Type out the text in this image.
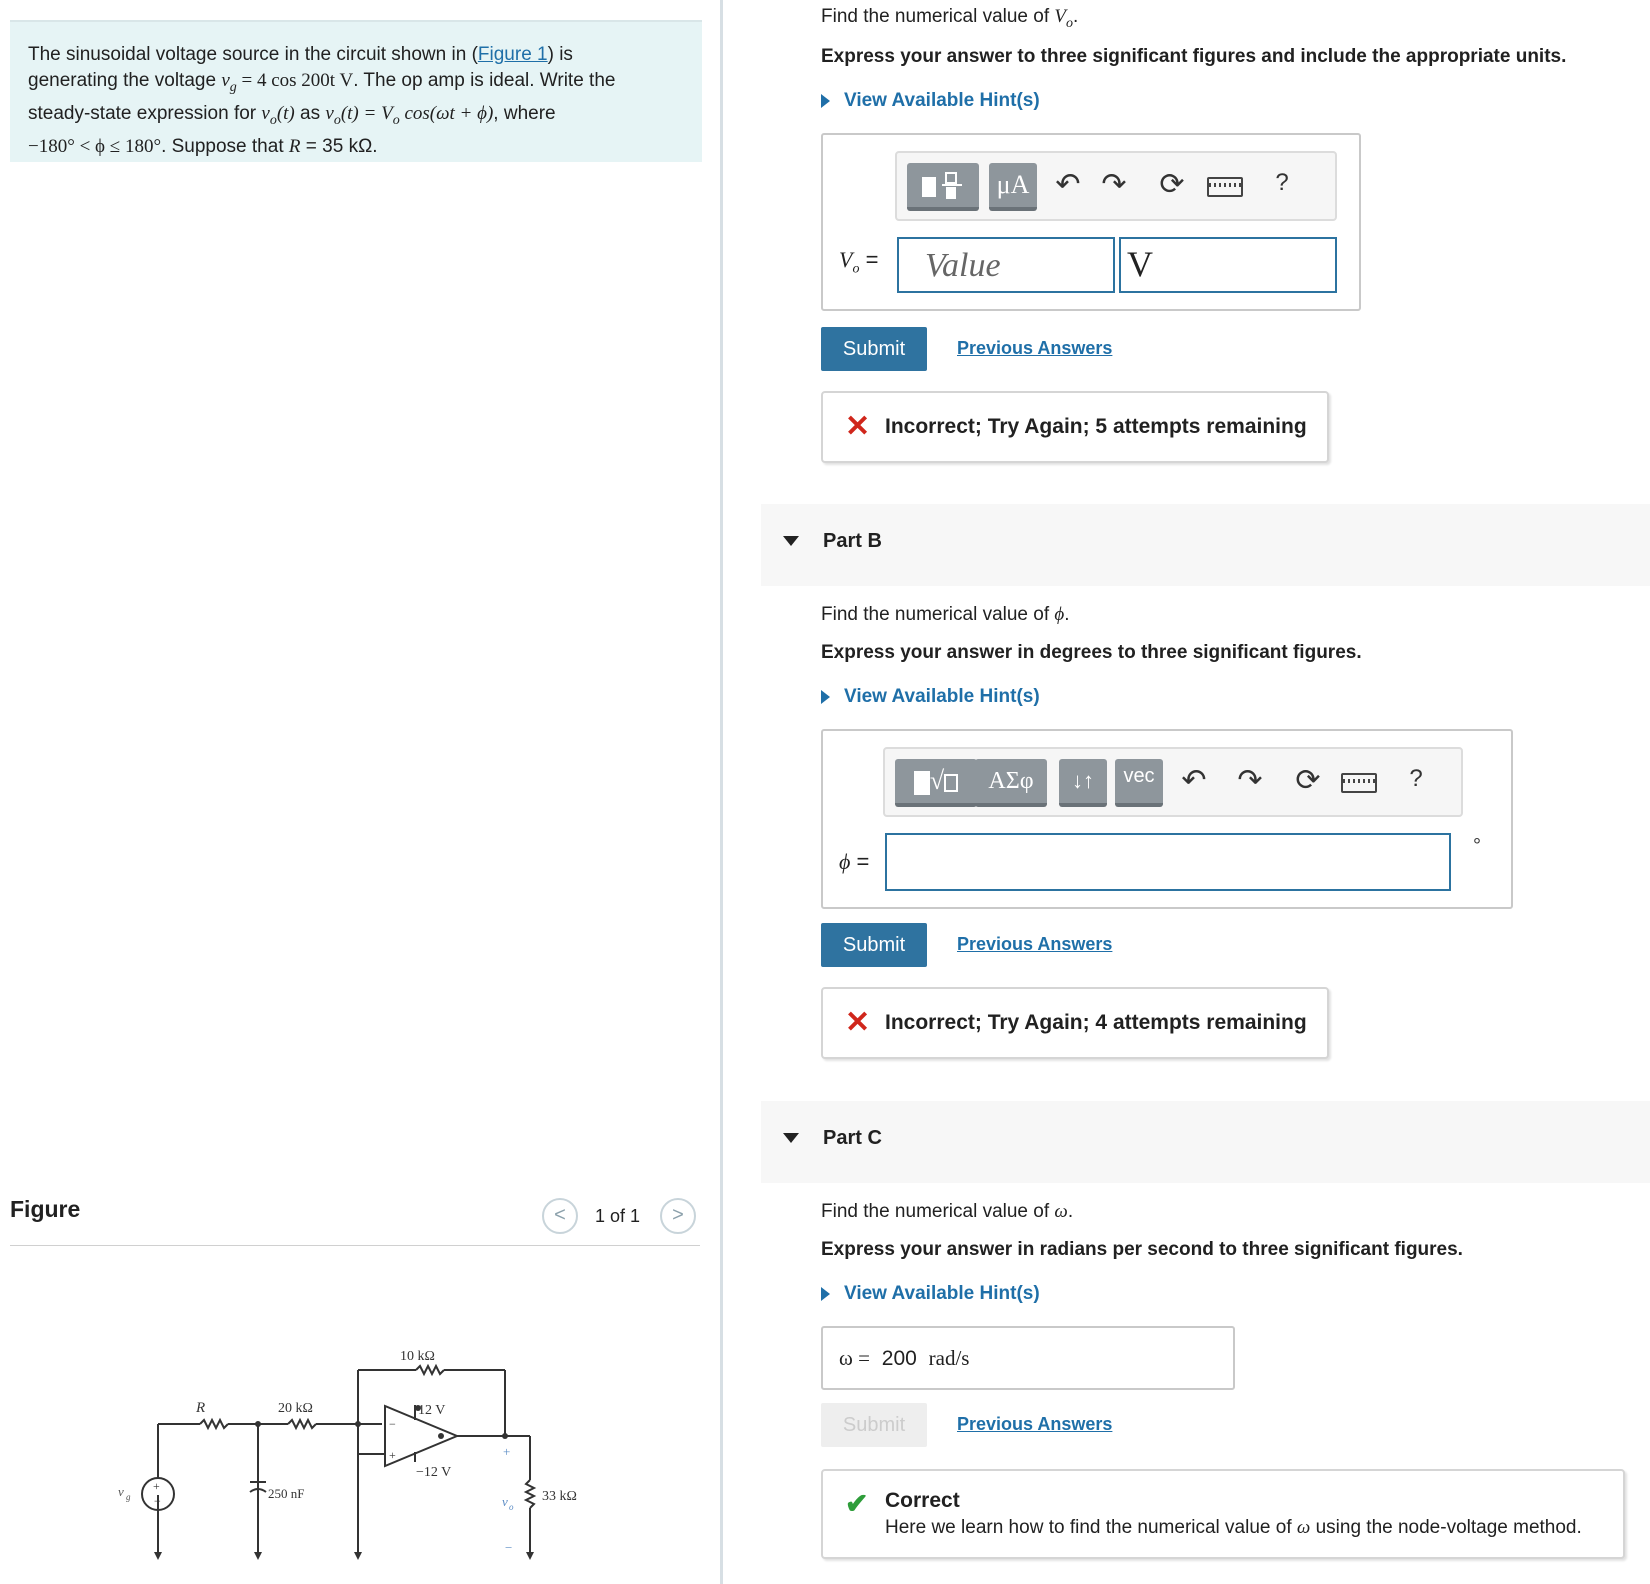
The sinusoidal voltage source in the circuit shown in (Figure 1) is
generating the voltage $v_g = 4$ cos 200t V. The op amp is ideal. Write the
steady-state expression for $v_o(t)$ as $v_o(t) = V_o$ cos(ωt + ϕ), where
−180° < ϕ ≤ 180°. Suppose that R = 35 kΩ.
Figure	<	1 of 1	>
10 kΩ
20 kΩ
R	12 V
−12 V
250 nF	33 kΩ
v g	v o
+
−
+
−
−
+
Find the numerical value of $V_o$.
Express your answer to three significant figures and include the appropriate units.
View Available Hint(s)
μA ↶ ↷ ⟳	?
$V_o$ = Value	V
Submit	Previous Answers
✕ Incorrect; Try Again; 5 attempts remaining
Part B
Find the numerical value of ϕ.
Express your answer in degrees to three significant figures.
View Available Hint(s)
√	ΑΣφ	↓↑	vec ↶ ↷ ⟳	?
ϕ =
°
Submit	Previous Answers
✕ Incorrect; Try Again; 4 attempts remaining
Part C
Find the numerical value of ω.
Express your answer in radians per second to three significant figures.
View Available Hint(s)
ω = 200 rad/s
Submit	Previous Answers
✔ Correct
Here we learn how to find the numerical value of ω using the node-voltage method.
